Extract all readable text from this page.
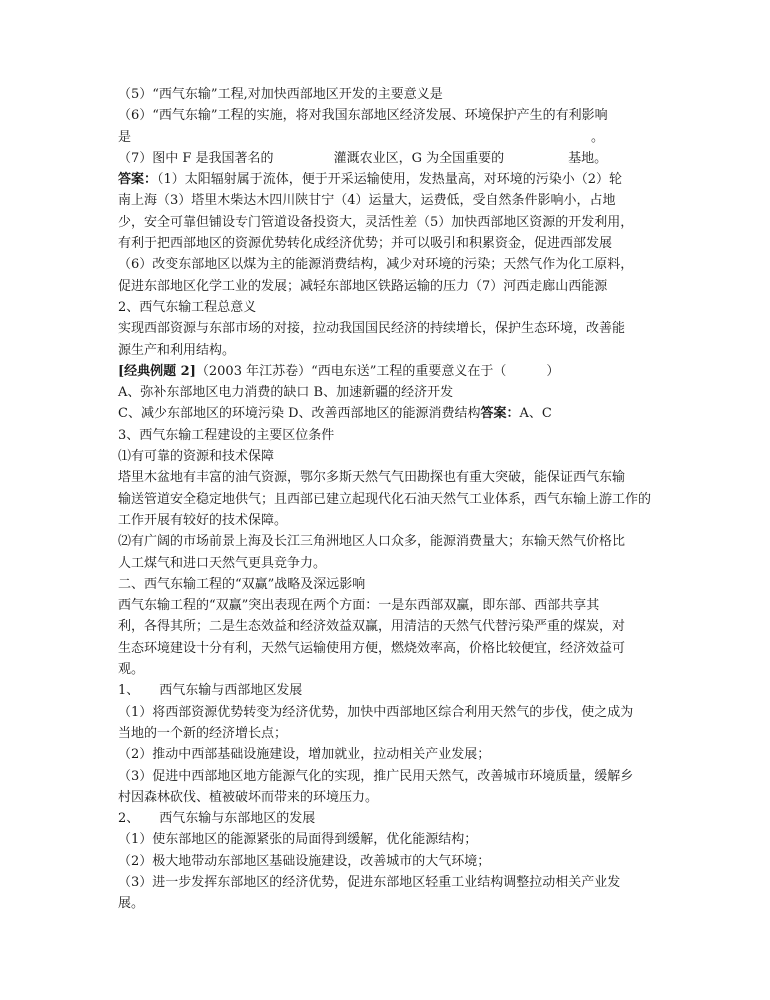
（5）“西气东输”工程,对加快西部地区开发的主要意义是
（6）“西气东输”工程的实施，将对我国东部地区经济发展、环境保护产生的有利影响
是	。
（7）图中 F 是我国著名的	灌溉农业区，G 为全国重要的	基地。
答案：（1）太阳辐射属于流体，便于开采运输使用，发热量高，对环境的污染小（2）轮
南上海（3）塔里木柴达木四川陕甘宁（4）运量大，运费低，受自然条件影响小，占地
少，安全可靠但铺设专门管道设备投资大，灵活性差（5）加快西部地区资源的开发利用，
有利于把西部地区的资源优势转化成经济优势；并可以吸引和积累资金，促进西部发展
（6）改变东部地区以煤为主的能源消费结构，减少对环境的污染；天然气作为化工原料，
促进东部地区化学工业的发展；减轻东部地区铁路运输的压力（7）河西走廊山西能源
2、西气东输工程总意义
实现西部资源与东部市场的对接，拉动我国国民经济的持续增长，保护生态环境，改善能
源生产和利用结构。
[经典例题 2]（2003 年江苏卷）“西电东送”工程的重要意义在于（	）
A、弥补东部地区电力消费的缺口 B、加速新疆的经济开发
C、减少东部地区的环境污染 D、改善西部地区的能源消费结构答案：A、C
3、西气东输工程建设的主要区位条件
⑴有可靠的资源和技术保障
塔里木盆地有丰富的油气资源，鄂尔多斯天然气气田勘探也有重大突破，能保证西气东输
输送管道安全稳定地供气；且西部已建立起现代化石油天然气工业体系，西气东输上游工作的
工作开展有较好的技术保障。
⑵有广阔的市场前景上海及长江三角洲地区人口众多，能源消费量大；东输天然气价格比
人工煤气和进口天然气更具竞争力。
二、西气东输工程的“双赢”战略及深远影响
西气东输工程的“双赢”突出表现在两个方面：一是东西部双赢，即东部、西部共享其
利，各得其所；二是生态效益和经济效益双赢，用清洁的天然气代替污染严重的煤炭，对
生态环境建设十分有利，天然气运输使用方便，燃烧效率高，价格比较便宜，经济效益可
观。
1、 西气东输与西部地区发展
（1）将西部资源优势转变为经济优势，加快中西部地区综合利用天然气的步伐，使之成为
当地的一个新的经济增长点；
（2）推动中西部基础设施建设，增加就业，拉动相关产业发展；
（3）促进中西部地区地方能源气化的实现，推广民用天然气，改善城市环境质量，缓解乡
村因森林砍伐、植被破坏而带来的环境压力。
2、 西气东输与东部地区的发展
（1）使东部地区的能源紧张的局面得到缓解，优化能源结构；
（2）极大地带动东部地区基础设施建设，改善城市的大气环境；
（3）进一步发挥东部地区的经济优势，促进东部地区轻重工业结构调整拉动相关产业发
展。
